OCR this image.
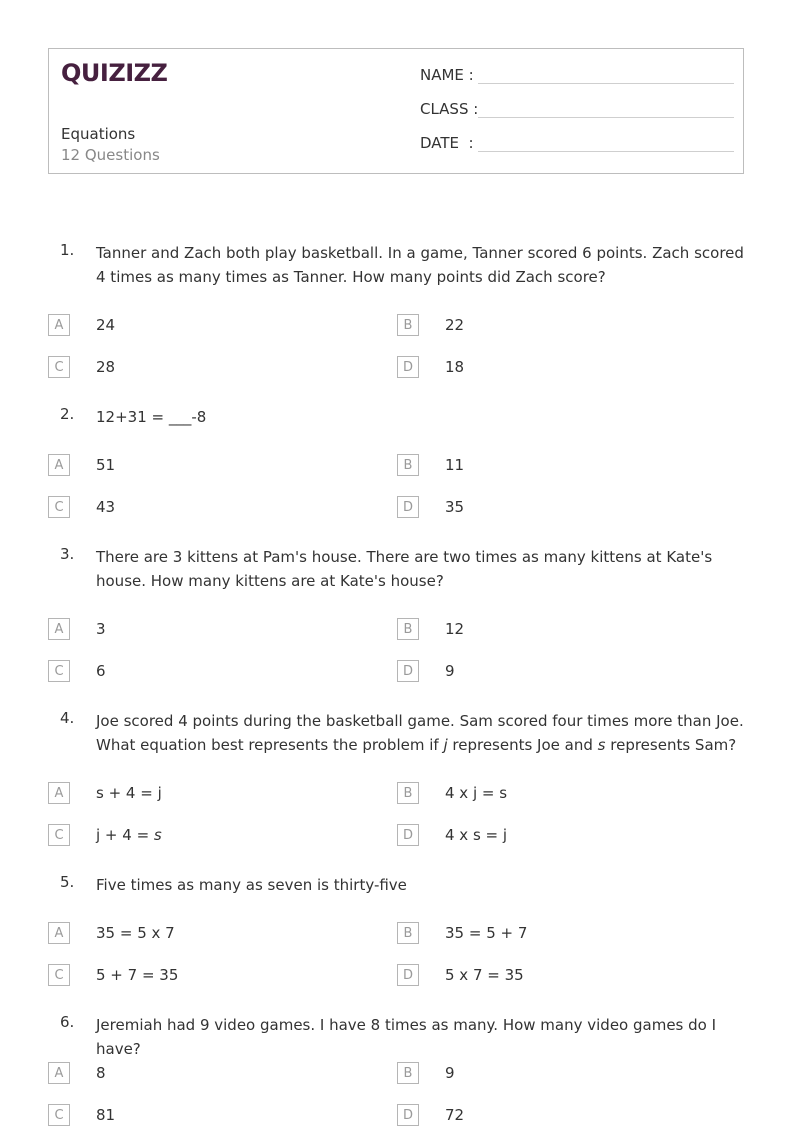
QUIZIZZ
Equations
12 Questions
NAME :
CLASS :
DATE  :
1. Tanner and Zach both play basketball. In a game, Tanner scored 6 points. Zach scored 4 times as many times as Tanner. How many points did Zach score?
A	24	B	22
C	28	D	18
2. 12+31 = ___-8
A	51	B	11
C	43	D	35
3. There are 3 kittens at Pam's house. There are two times as many kittens at Kate's house. How many kittens are at Kate's house?
A	3	B	12
C	6	D	9
4. Joe scored 4 points during the basketball game. Sam scored four times more than Joe. What equation best represents the problem if j represents Joe and s represents Sam?
A	s + 4 = j	B	4 x j = s
C	j + 4 = s	D	4 x s = j
5. Five times as many as seven is thirty-five
A	35 = 5 x 7	B	35 = 5 + 7
C	5 + 7 = 35	D	5 x 7 = 35
6. Jeremiah had 9 video games. I have 8 times as many. How many video games do I have?
A	8	B	9
C	81	D	72
